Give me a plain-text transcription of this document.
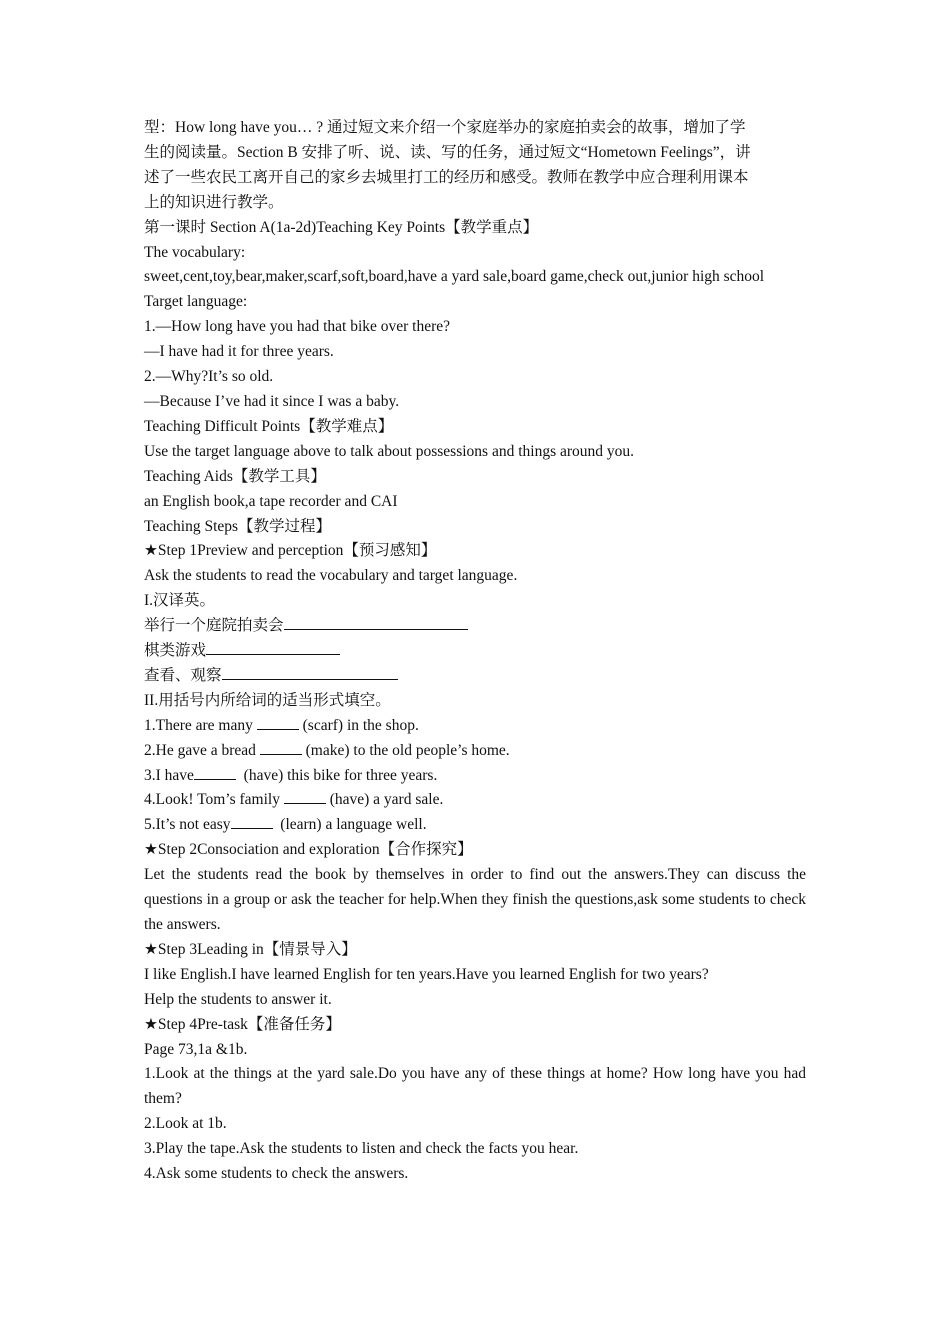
型：How long have you… ? 通过短文来介绍一个家庭举办的家庭拍卖会的故事，增加了学
生的阅读量。Section B 安排了听、说、读、写的任务，通过短文“Hometown Feelings”，讲
述了一些农民工离开自己的家乡去城里打工的经历和感受。教师在教学中应合理利用课本
上的知识进行教学。
第一课时 Section A(1a-2d)Teaching Key Points【教学重点】
The vocabulary:
sweet,cent,toy,bear,maker,scarf,soft,board,have a yard sale,board game,check out,junior high school
Target language:
1.—How long have you had that bike over there?
—I have had it for three years.
2.—Why?It’s so old.
—Because I’ve had it since I was a baby.
Teaching Difficult Points【教学难点】
Use the target language above to talk about possessions and things around you.
Teaching Aids【教学工具】
an English book,a tape recorder and CAI
Teaching Steps【教学过程】
★Step 1Preview and perception【预习感知】
Ask the students to read the vocabulary and target language.
I.汉译英。
举行一个庭院拍卖会
棋类游戏
查看、观察
II.用括号内所给词的适当形式填空。
1.There are many	(scarf) in the shop.
2.He gave a bread	(make) to the old people’s home.
3.I have	(have) this bike for three years.
4.Look! Tom’s family	(have) a yard sale.
5.It’s not easy	(learn) a language well.
★Step 2Consociation and exploration【合作探究】
Let the students read the book by themselves in order to find out the answers.They can discuss the questions in a group or ask the teacher for help.When they finish the questions,ask some students to check the answers.
★Step 3Leading in【情景导入】
I like English.I have learned English for ten years.Have you learned English for two years?
Help the students to answer it.
★Step 4Pre-task【准备任务】
Page 73,1a &1b.
1.Look at the things at the yard sale.Do you have any of these things at home? How long have you had them?
2.Look at 1b.
3.Play the tape.Ask the students to listen and check the facts you hear.
4.Ask some students to check the answers.
